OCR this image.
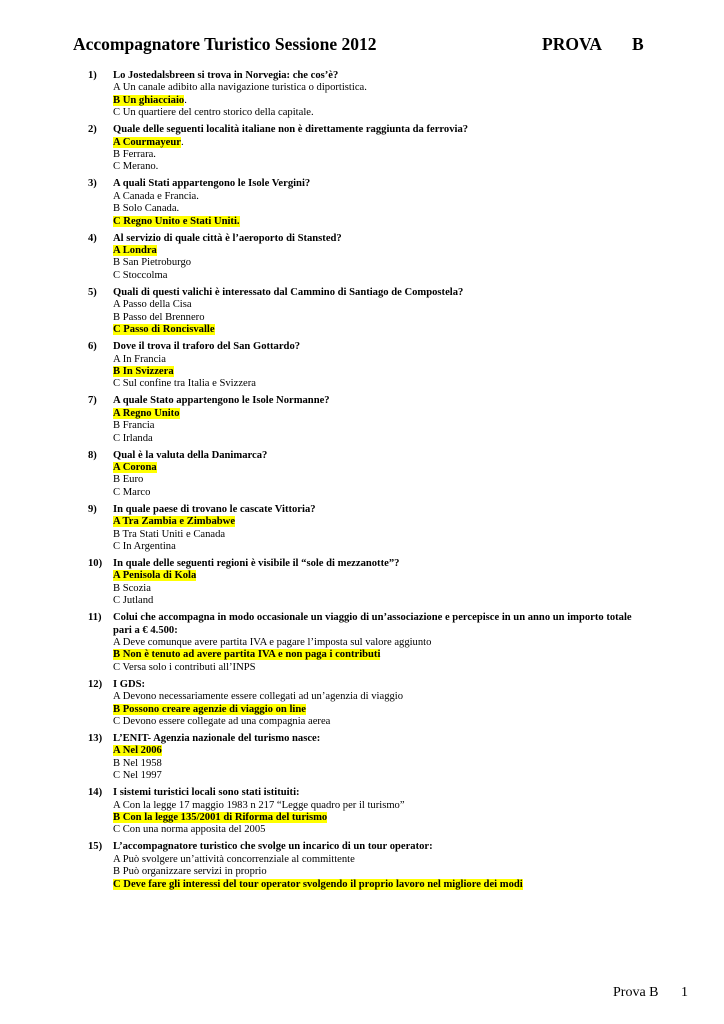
Accompagnatore Turistico Sessione 2012	PROVA B
1)	Lo Jostedalsbreen si trova in Norvegia: che cos’è?
A Un canale adibito alla navigazione turistica o diportistica.
B Un ghiacciaio.
C Un quartiere del centro storico della capitale.
2)	Quale delle seguenti località italiane non è direttamente raggiunta da ferrovia?
A Courmayeur.
B Ferrara.
C Merano.
3)	A quali Stati appartengono le Isole Vergini?
A Canada e Francia.
B Solo Canada.
C Regno Unito e Stati Uniti.
4)	Al servizio di quale città è l’aeroporto di Stansted?
A Londra
B San Pietroburgo
C Stoccolma
5)	Quali di questi valichi è interessato dal Cammino di Santiago de Compostela?
A Passo della Cisa
B Passo del Brennero
C Passo di Roncisvalle
6)	Dove il trova il traforo del San Gottardo?
A In Francia
B In Svizzera
C Sul confine tra Italia e Svizzera
7)	A quale Stato appartengono le Isole Normanne?
A Regno Unito
B Francia
C Irlanda
8)	Qual è la valuta della Danimarca?
A Corona
B Euro
C Marco
9)	In quale paese di trovano le cascate Vittoria?
A Tra Zambia e Zimbabwe
B Tra Stati Uniti e Canada
C In Argentina
10)	In quale delle seguenti regioni è visibile il “sole di mezzanotte”?
A Penisola di Kola
B Scozia
C Jutland
11)	Colui che accompagna in modo occasionale un viaggio di un’associazione e percepisce in un anno un importo totale pari a € 4.500:
A Deve comunque avere partita IVA e pagare l’imposta sul valore aggiunto
B Non è tenuto ad avere partita IVA e non paga i contributi
C Versa solo i contributi all’INPS
12)	I GDS:
A Devono necessariamente essere collegati ad un’agenzia di viaggio
B Possono creare agenzie di viaggio on line
C Devono essere collegate ad una compagnia aerea
13)	L’ENIT- Agenzia nazionale del turismo nasce:
A Nel 2006
B Nel 1958
C Nel 1997
14)	I sistemi turistici locali sono stati istituiti:
A Con la legge 17 maggio 1983 n 217 “Legge quadro per il turismo”
B Con la legge 135/2001 di Riforma del turismo
C Con una norma apposita del 2005
15)	L’accompagnatore turistico che svolge un incarico di un tour operator:
A Può svolgere un’attività concorrenziale al committente
B Può organizzare servizi in proprio
C Deve fare gli interessi del tour operator svolgendo il proprio lavoro nel migliore dei modi
Prova B 1
